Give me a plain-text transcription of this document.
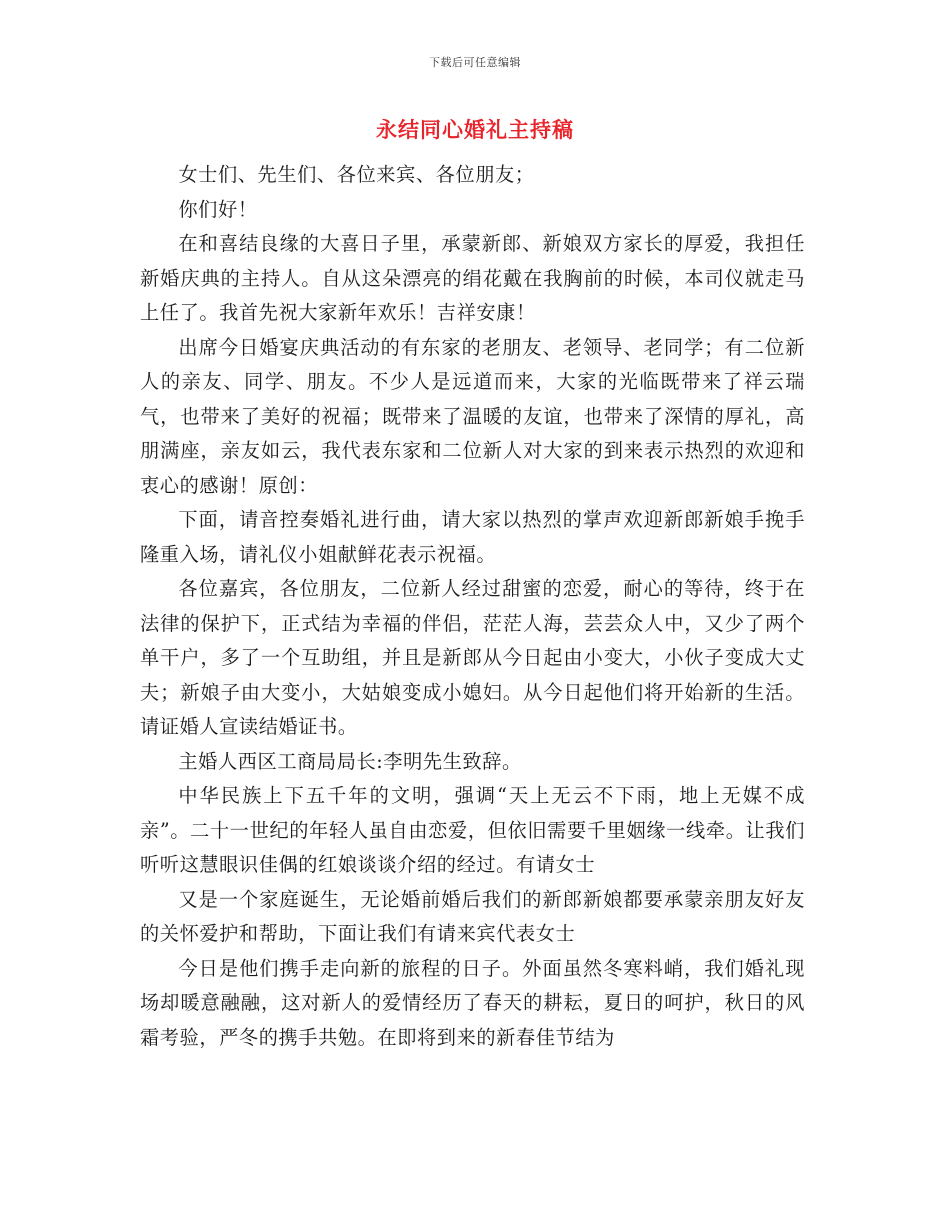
下载后可任意编辑
永结同心婚礼主持稿

女士们、先生们、各位来宾、各位朋友；

你们好！

在和喜结良缘的大喜日子里，承蒙新郎、新娘双方家长的厚爱，我担任新婚庆典的主持人。自从这朵漂亮的绢花戴在我胸前的时候，本司仪就走马上任了。我首先祝大家新年欢乐！吉祥安康！

出席今日婚宴庆典活动的有东家的老朋友、老领导、老同学；有二位新人的亲友、同学、朋友。不少人是远道而来，大家的光临既带来了祥云瑞气，也带来了美好的祝福；既带来了温暖的友谊，也带来了深情的厚礼，高朋满座，亲友如云，我代表东家和二位新人对大家的到来表示热烈的欢迎和衷心的感谢！原创：

下面，请音控奏婚礼进行曲，请大家以热烈的掌声欢迎新郎新娘手挽手隆重入场，请礼仪小姐献鲜花表示祝福。

各位嘉宾，各位朋友，二位新人经过甜蜜的恋爱，耐心的等待，终于在法律的保护下，正式结为幸福的伴侣，茫茫人海，芸芸众人中，又少了两个单干户，多了一个互助组，并且是新郎从今日起由小变大，小伙子变成大丈夫；新娘子由大变小，大姑娘变成小媳妇。从今日起他们将开始新的生活。请证婚人宣读结婚证书。

主婚人西区工商局局长:李明先生致辞。

中华民族上下五千年的文明，强调“天上无云不下雨，地上无媒不成亲”。二十一世纪的年轻人虽自由恋爱，但依旧需要千里姻缘一线牵。让我们听听这慧眼识佳偶的红娘谈谈介绍的经过。有请女士

又是一个家庭诞生，无论婚前婚后我们的新郎新娘都要承蒙亲朋友好友的关怀爱护和帮助，下面让我们有请来宾代表女士

今日是他们携手走向新的旅程的日子。外面虽然冬寒料峭，我们婚礼现场却暖意融融，这对新人的爱情经历了春天的耕耘，夏日的呵护，秋日的风霜考验，严冬的携手共勉。在即将到来的新春佳节结为
